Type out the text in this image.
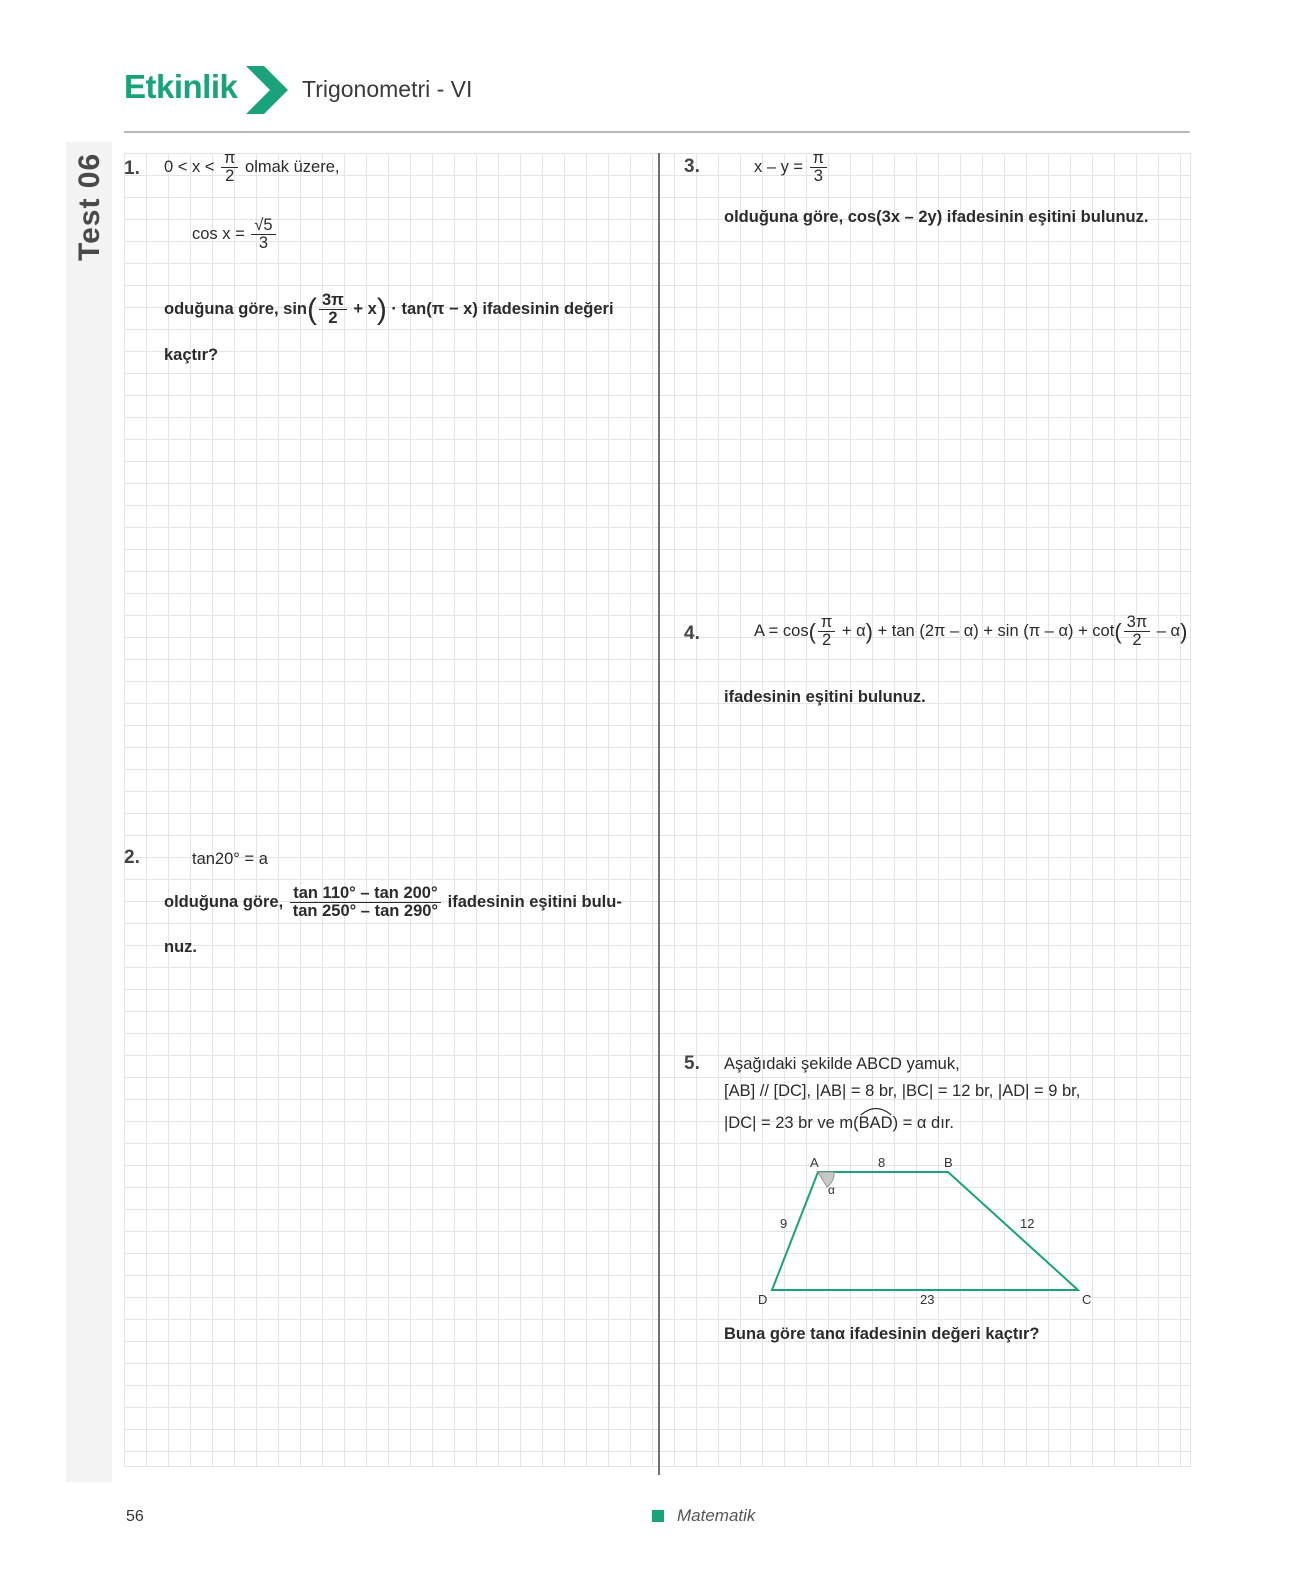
Etkinlik	Trigonometri - VI
Test 06 1. $0 < x < \frac{\pi}{2}$ olmak üzere,
$\cos x = \frac{√5}{3}$
oduğuna göre, $\sin( \frac{3\pi}{2} + x) \cdot \tan(\pi - x)$ ifadesinin değeri
kaçtır?
2.	tan20° = a
olduğuna göre, $\frac{\tan 110^\circ - \tan 200^\circ}{\tan 250^\circ - \tan 290^\circ}$ ifadesinin eşitini bulu-
nuz.
3.	$x - y = \frac{\pi}{3}$
olduğuna göre, cos(3x – 2y) ifadesinin eşitini bulunuz.
4.	$A = \cos( \frac{\pi}{2} + \alpha) + \tan (2\pi - \alpha) + \sin (\pi - \alpha) + \cot( \frac{3\pi}{2} - \alpha)$
ifadesinin eşitini bulunuz.
5. Aşağıdaki şekilde ABCD yamuk,
[AB] // [DC], |AB| = 8 br, |BC| = 12 br, |AD| = 9 br,
|DC| = 23 br ve m(
BAD) = α dır.
A	B
C
D
α
8
9	12
23
Buna göre tanα ifadesinin değeri kaçtır?
56	Matematik
